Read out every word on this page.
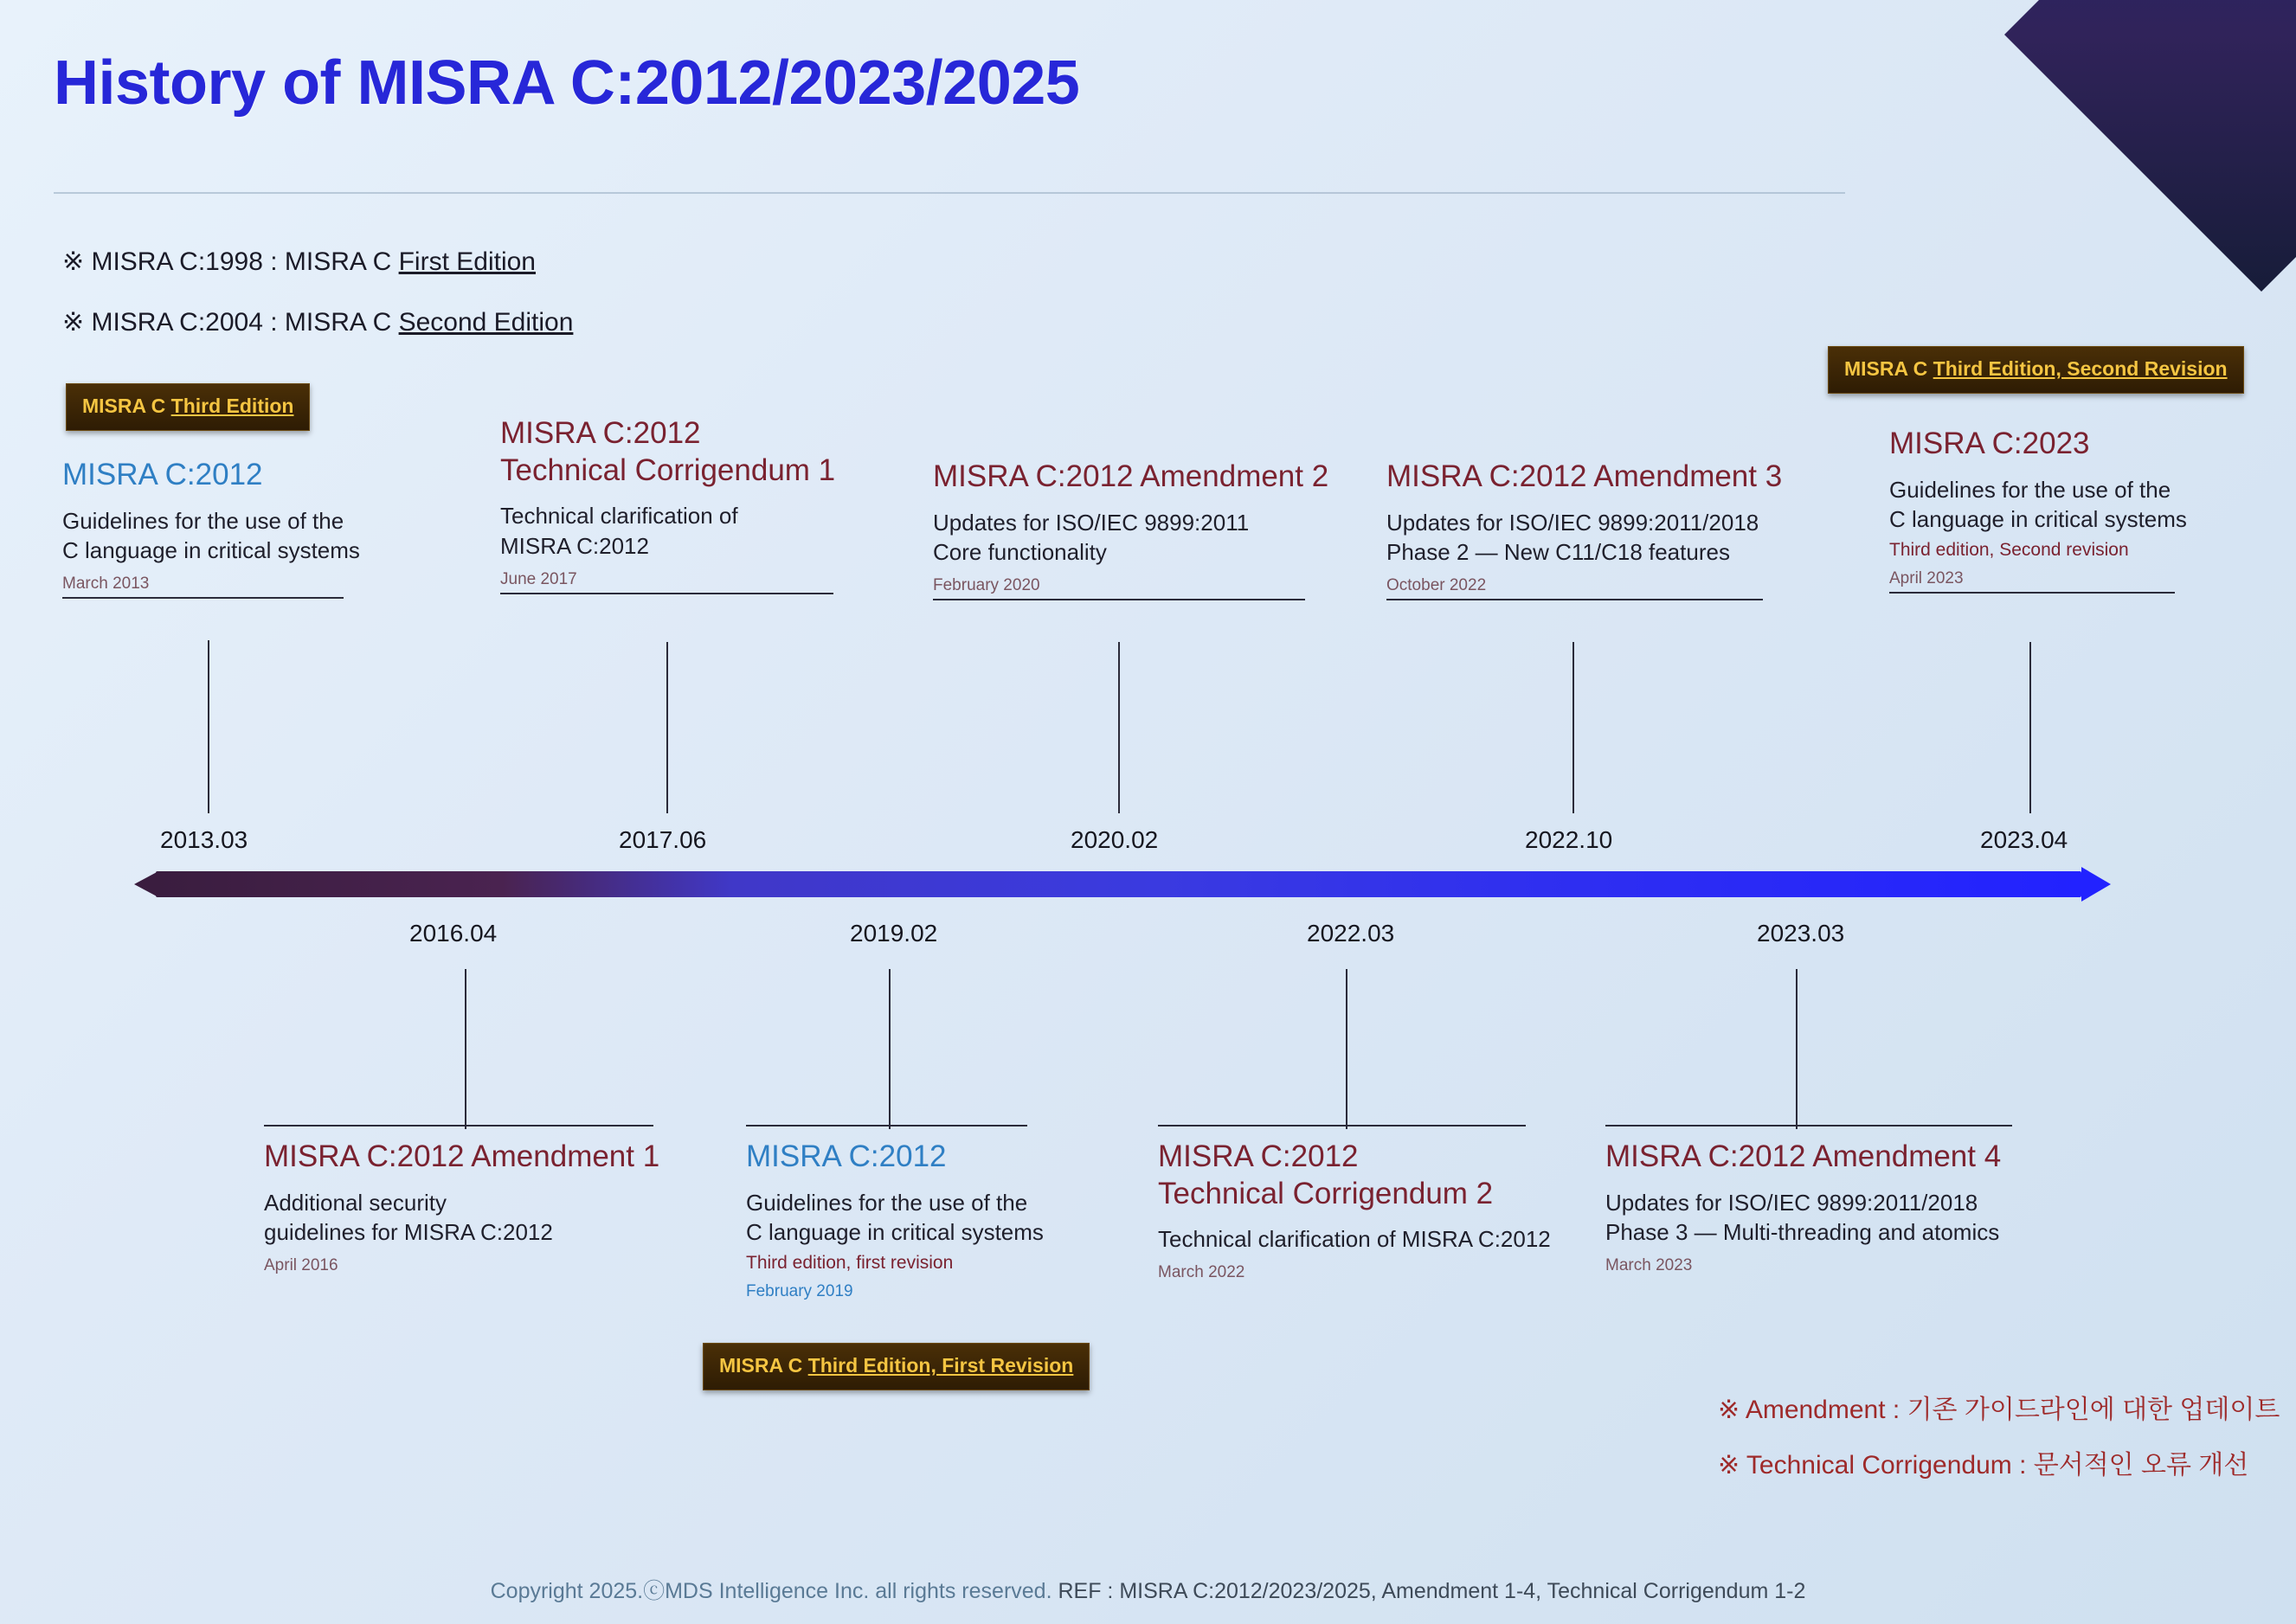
History of MISRA C:2012/2023/2025
※ MISRA C:1998 : MISRA C First Edition
※ MISRA C:2004 : MISRA C Second Edition
MISRA C Third Edition
MISRA C Third Edition, Second Revision
MISRA C Third Edition, First Revision
MISRA C:2012
Guidelines for the use of the
C language in critical systems
March 2013
MISRA C:2012
Technical Corrigendum 1
Technical clarification of
MISRA C:2012
June 2017
MISRA C:2012 Amendment 2
Updates for ISO/IEC 9899:2011
Core functionality
February 2020
MISRA C:2012 Amendment 3
Updates for ISO/IEC 9899:2011/2018
Phase 2 — New C11/C18 features
October 2022
MISRA C:2023
Guidelines for the use of the
C language in critical systems
Third edition, Second revision
April 2023
2013.03	2017.06	2020.02	2022.10	2023.04
2016.04	2019.02	2022.03	2023.03
MISRA C:2012 Amendment 1
Additional security
guidelines for MISRA C:2012
April 2016
MISRA C:2012
Guidelines for the use of the
C language in critical systems
Third edition, first revision
February 2019
MISRA C:2012
Technical Corrigendum 2
Technical clarification of MISRA C:2012
March 2022
MISRA C:2012 Amendment 4
Updates for ISO/IEC 9899:2011/2018
Phase 3 — Multi-threading and atomics
March 2023
※ Amendment : 기존 가이드라인에 대한 업데이트
※ Technical Corrigendum : 문서적인 오류 개선
Copyright 2025.ⓒMDS Intelligence Inc. all rights reserved. REF : MISRA C:2012/2023/2025, Amendment 1-4, Technical Corrigendum 1-2
